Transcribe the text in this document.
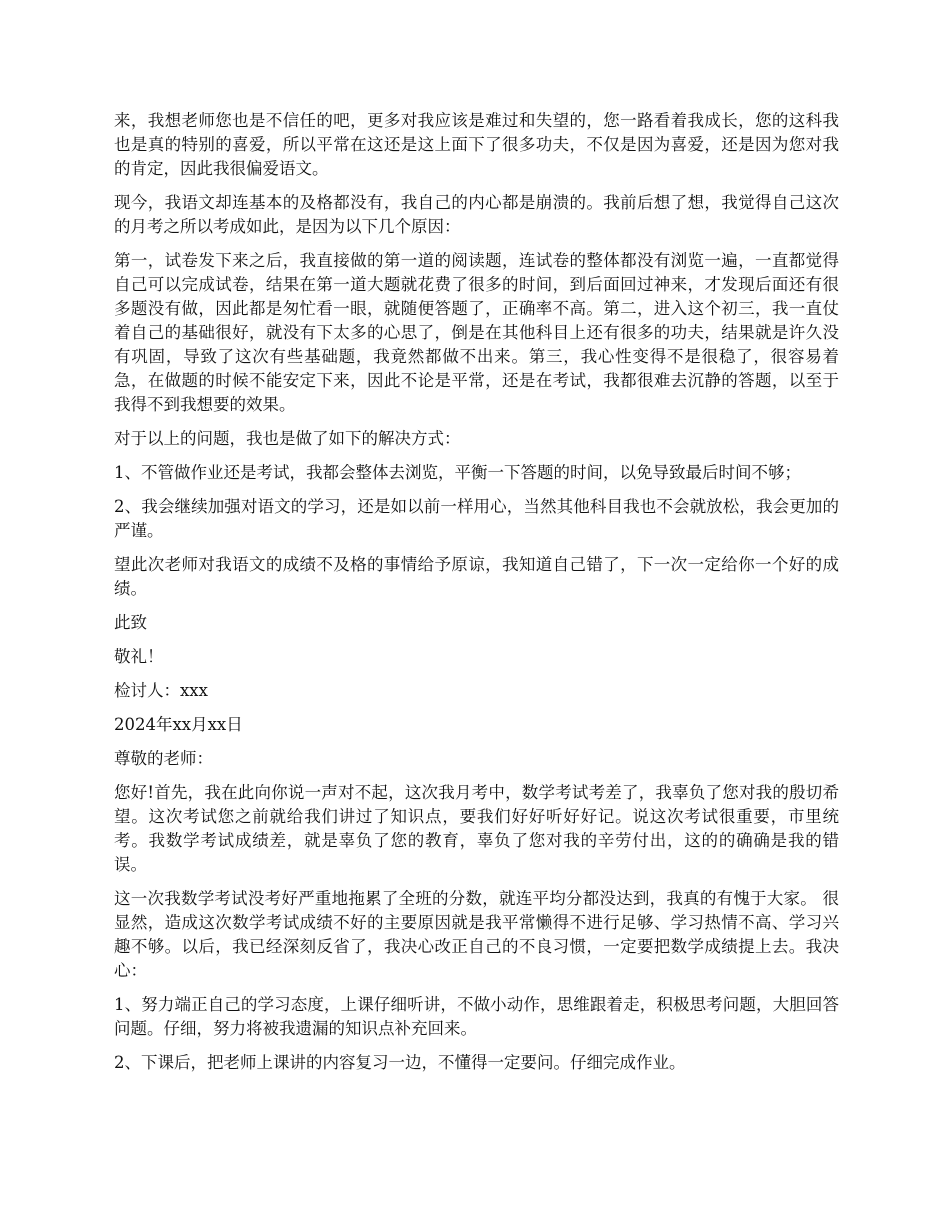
来，我想老师您也是不信任的吧，更多对我应该是难过和失望的，您一路看着我成长，您的这科我也是真的特别的喜爱，所以平常在这还是这上面下了很多功夫，不仅是因为喜爱，还是因为您对我的肯定，因此我很偏爱语文。

现今，我语文却连基本的及格都没有，我自己的内心都是崩溃的。我前后想了想，我觉得自己这次的月考之所以考成如此，是因为以下几个原因：

第一，试卷发下来之后，我直接做的第一道的阅读题，连试卷的整体都没有浏览一遍，一直都觉得自己可以完成试卷，结果在第一道大题就花费了很多的时间，到后面回过神来，才发现后面还有很多题没有做，因此都是匆忙看一眼，就随便答题了，正确率不高。第二，进入这个初三，我一直仗着自己的基础很好，就没有下太多的心思了，倒是在其他科目上还有很多的功夫，结果就是许久没有巩固，导致了这次有些基础题，我竟然都做不出来。第三，我心性变得不是很稳了，很容易着急，在做题的时候不能安定下来，因此不论是平常，还是在考试，我都很难去沉静的答题，以至于我得不到我想要的效果。

对于以上的问题，我也是做了如下的解决方式：

1、不管做作业还是考试，我都会整体去浏览，平衡一下答题的时间，以免导致最后时间不够；

2、我会继续加强对语文的学习，还是如以前一样用心，当然其他科目我也不会就放松，我会更加的严谨。

望此次老师对我语文的成绩不及格的事情给予原谅，我知道自己错了，下一次一定给你一个好的成绩。

此致

敬礼！

检讨人：xxx

2024年xx月xx日

尊敬的老师：

您好!首先，我在此向你说一声对不起，这次我月考中，数学考试考差了，我辜负了您对我的殷切希望。这次考试您之前就给我们讲过了知识点，要我们好好听好好记。说这次考试很重要，市里统考。我数学考试成绩差，就是辜负了您的教育，辜负了您对我的辛劳付出，这的的确确是我的错误。

这一次我数学考试没考好严重地拖累了全班的分数，就连平均分都没达到，我真的有愧于大家。 很显然，造成这次数学考试成绩不好的主要原因就是我平常懒得不进行足够、学习热情不高、学习兴趣不够。以后，我已经深刻反省了，我决心改正自己的不良习惯，一定要把数学成绩提上去。我决心：

1、努力端正自己的学习态度，上课仔细听讲，不做小动作，思维跟着走，积极思考问题，大胆回答问题。仔细，努力将被我遗漏的知识点补充回来。

2、下课后，把老师上课讲的内容复习一边，不懂得一定要问。仔细完成作业。
